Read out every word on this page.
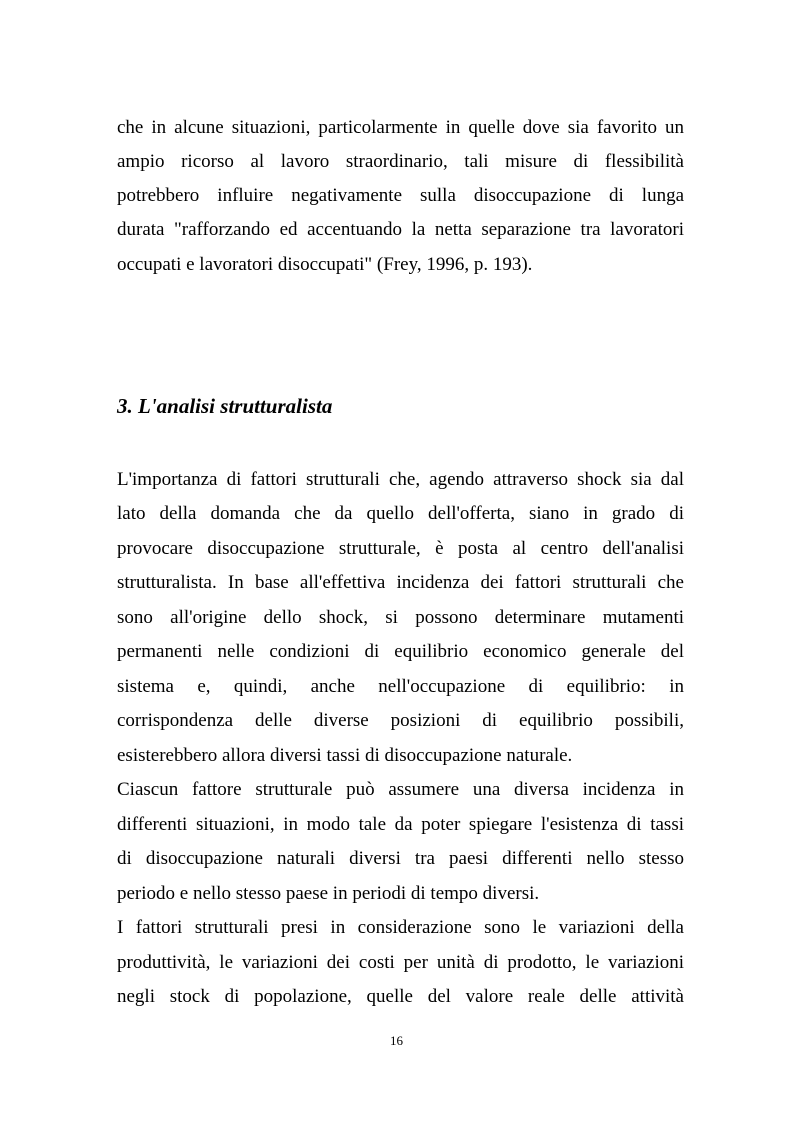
che in alcune situazioni, particolarmente in quelle dove sia favorito un
ampio ricorso al lavoro straordinario, tali misure di flessibilità
potrebbero influire negativamente sulla disoccupazione di lunga
durata "rafforzando ed accentuando la netta separazione tra lavoratori
occupati e lavoratori disoccupati" (Frey, 1996, p. 193).
3. L'analisi strutturalista
L'importanza di fattori strutturali che, agendo attraverso shock sia dal
lato della domanda che da quello dell'offerta, siano in grado di
provocare disoccupazione strutturale, è posta al centro dell'analisi
strutturalista. In base all'effettiva incidenza dei fattori strutturali che
sono all'origine dello shock, si possono determinare mutamenti
permanenti nelle condizioni di equilibrio economico generale del
sistema e, quindi, anche nell'occupazione di equilibrio: in
corrispondenza delle diverse posizioni di equilibrio possibili,
esisterebbero allora diversi tassi di disoccupazione naturale.
Ciascun fattore strutturale può assumere una diversa incidenza in
differenti situazioni, in modo tale da poter spiegare l'esistenza di tassi
di disoccupazione naturali diversi tra paesi differenti nello stesso
periodo e nello stesso paese in periodi di tempo diversi.
I fattori strutturali presi in considerazione sono le variazioni della
produttività, le variazioni dei costi per unità di prodotto, le variazioni
negli stock di popolazione, quelle del valore reale delle attività
16
